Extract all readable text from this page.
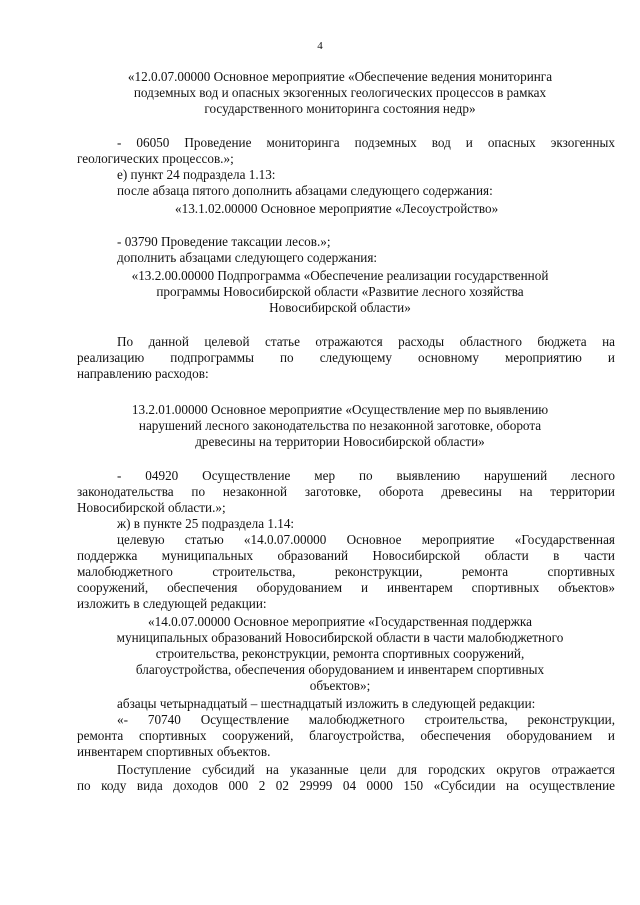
4
«12.0.07.00000 Основное мероприятие «Обеспечение ведения мониторинга
подземных вод и опасных экзогенных геологических процессов в рамках
государственного мониторинга состояния недр»
- 06050 Проведение мониторинга подземных вод и опасных экзогенных
геологических процессов.»;
е) пункт 24 подраздела 1.13:
после абзаца пятого дополнить абзацами следующего содержания:
«13.1.02.00000 Основное мероприятие «Лесоустройство»
- 03790 Проведение таксации лесов.»;
дополнить абзацами следующего содержания:
«13.2.00.00000 Подпрограмма «Обеспечение реализации государственной
программы Новосибирской области «Развитие лесного хозяйства
Новосибирской области»
По данной целевой статье отражаются расходы областного бюджета на
реализацию подпрограммы по следующему основному мероприятию и
направлению расходов:
13.2.01.00000 Основное мероприятие «Осуществление мер по выявлению
нарушений лесного законодательства по незаконной заготовке, оборота
древесины на территории Новосибирской области»
- 04920 Осуществление мер по выявлению нарушений лесного
законодательства по незаконной заготовке, оборота древесины на территории
Новосибирской области.»;
ж) в пункте 25 подраздела 1.14:
целевую статью «14.0.07.00000 Основное мероприятие «Государственная
поддержка муниципальных образований Новосибирской области в части
малобюджетного строительства, реконструкции, ремонта спортивных
сооружений, обеспечения оборудованием и инвентарем спортивных объектов»
изложить в следующей редакции:
«14.0.07.00000 Основное мероприятие «Государственная поддержка
муниципальных образований Новосибирской области в части малобюджетного
строительства, реконструкции, ремонта спортивных сооружений,
благоустройства, обеспечения оборудованием и инвентарем спортивных
объектов»;
абзацы четырнадцатый – шестнадцатый изложить в следующей редакции:
«- 70740 Осуществление малобюджетного строительства, реконструкции,
ремонта спортивных сооружений, благоустройства, обеспечения оборудованием и
инвентарем спортивных объектов.
Поступление субсидий на указанные цели для городских округов отражается
по коду вида доходов 000 2 02 29999 04 0000 150 «Субсидии на осуществление
